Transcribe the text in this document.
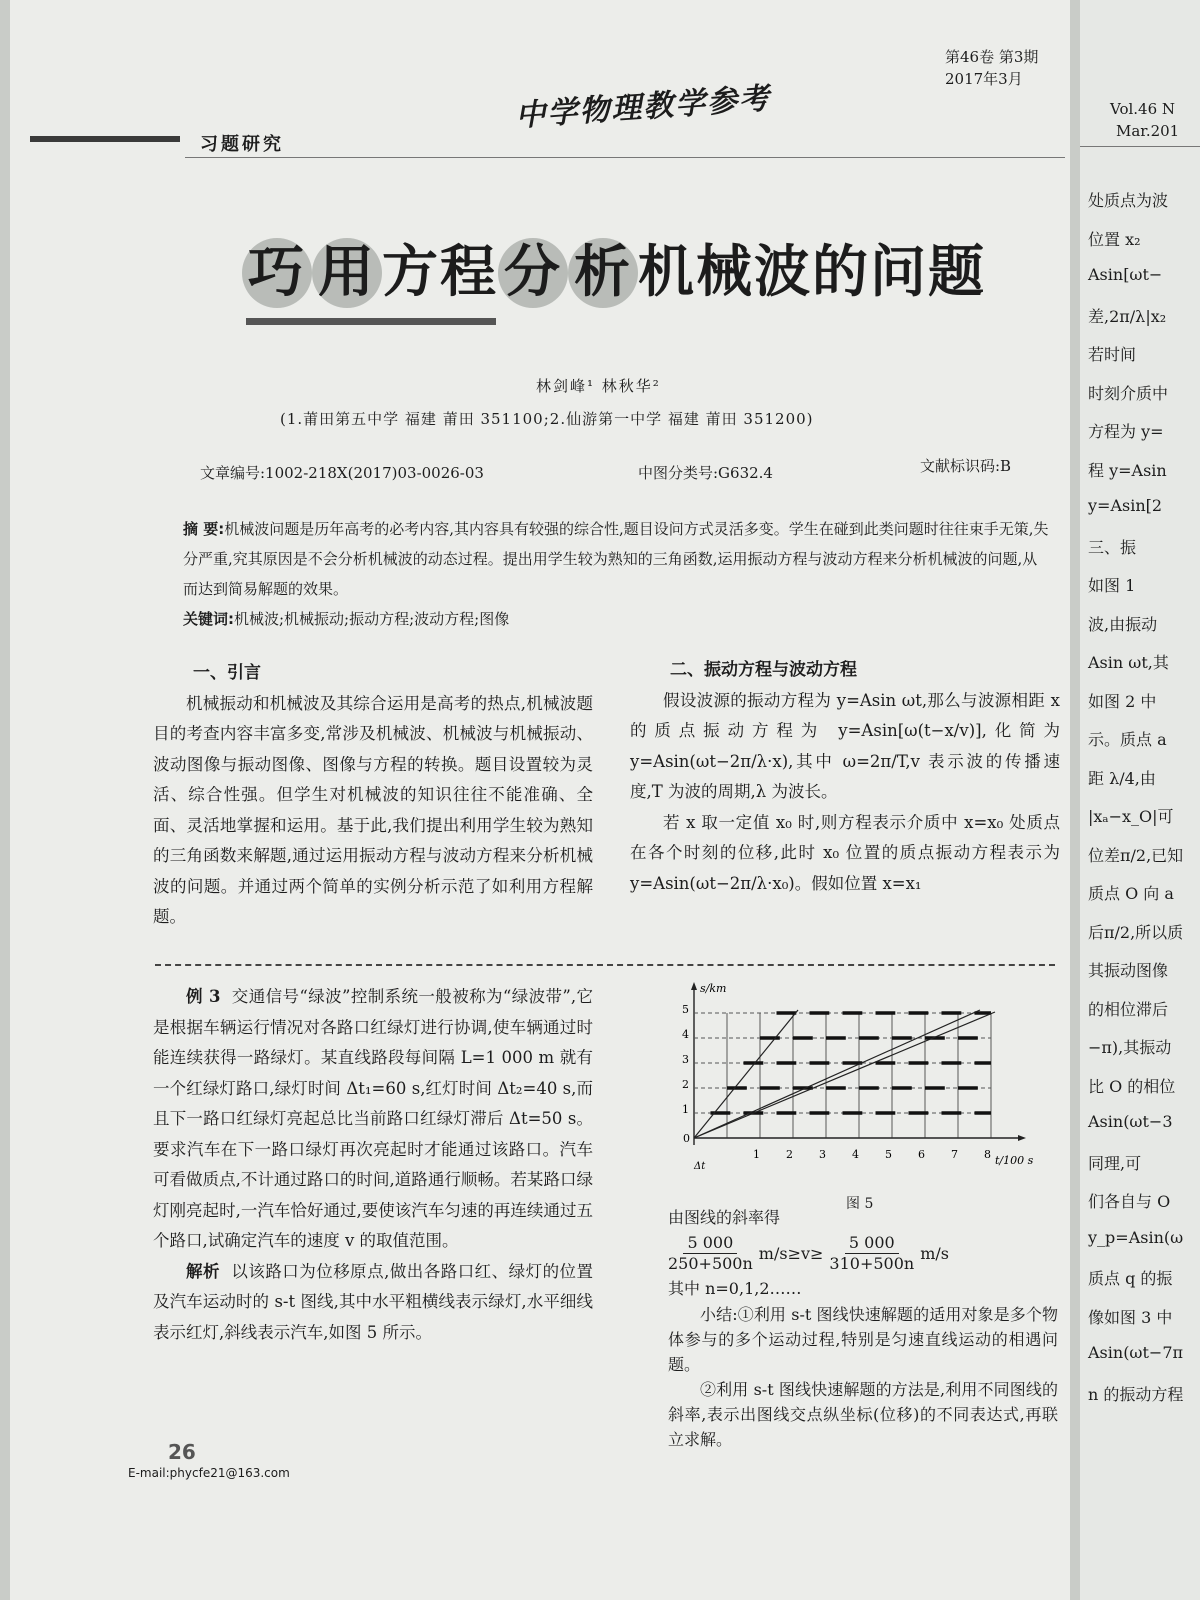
习题研究
中学物理教学参考
第46卷 第3期
2017年3月
巧 用 方程 分 析 机械波的问题
林剑峰¹ 林秋华²
(1.莆田第五中学 福建 莆田 351100;2.仙游第一中学 福建 莆田 351200)
文章编号:1002-218X(2017)03-0026-03	中图分类号:G632.4	文献标识码:B
摘 要:机械波问题是历年高考的必考内容,其内容具有较强的综合性,题目设问方式灵活多变。学生在碰到此类问题时往往束手无策,失分严重,究其原因是不会分析机械波的动态过程。提出用学生较为熟知的三角函数,运用振动方程与波动方程来分析机械波的问题,从而达到简易解题的效果。
关键词:机械波;机械振动;振动方程;波动方程;图像
一、引言
机械振动和机械波及其综合运用是高考的热点,机械波题目的考查内容丰富多变,常涉及机械波、机械波与机械振动、波动图像与振动图像、图像与方程的转换。题目设置较为灵活、综合性强。但学生对机械波的知识往往不能准确、全面、灵活地掌握和运用。基于此,我们提出利用学生较为熟知的三角函数来解题,通过运用振动方程与波动方程来分析机械波的问题。并通过两个简单的实例分析示范了如利用方程解题。
二、振动方程与波动方程
假设波源的振动方程为 y=Asin ωt,那么与波源相距 x 的质点振动方程为 y=Asin[ω(t−x/v)],化简为 y=Asin(ωt−2π/λ·x),其中 ω=2π/T,v 表示波的传播速度,T 为波的周期,λ 为波长。
若 x 取一定值 x₀ 时,则方程表示介质中 x=x₀ 处质点在各个时刻的位移,此时 x₀ 位置的质点振动方程表示为 y=Asin(ωt−2π/λ·x₀)。假如位置 x=x₁
例 3 交通信号“绿波”控制系统一般被称为“绿波带”,它是根据车辆运行情况对各路口红绿灯进行协调,使车辆通过时能连续获得一路绿灯。某直线路段每间隔 L=1 000 m 就有一个红绿灯路口,绿灯时间 Δt₁=60 s,红灯时间 Δt₂=40 s,而且下一路口红绿灯亮起总比当前路口红绿灯滞后 Δt=50 s。要求汽车在下一路口绿灯再次亮起时才能通过该路口。汽车可看做质点,不计通过路口的时间,道路通行顺畅。若某路口绿灯刚亮起时,一汽车恰好通过,要使该汽车匀速的再连续通过五个路口,试确定汽车的速度 v 的取值范围。
解析 以该路口为位移原点,做出各路口红、绿灯的位置及汽车运动时的 s-t 图线,其中水平粗横线表示绿灯,水平细线表示红灯,斜线表示汽车,如图 5 所示。
s/km
t/100 s
0
Δt
1
2
3
4
5
1 2 3 4 5 6 7 8
图 5
由图线的斜率得
$\frac{5 000}{250+500n} m/s\ge v\ge \frac{5 000}{310+500n} m/s$
其中 n=0,1,2……
小结:①利用 s-t 图线快速解题的适用对象是多个物体参与的多个运动过程,特别是匀速直线运动的相遇问题。
②利用 s-t 图线快速解题的方法是,利用不同图线的斜率,表示出图线交点纵坐标(位移)的不同表达式,再联立求解。
26
E-mail:phycfe21@163.com
Vol.46 N
Mar.201
处质点为波
位置 x₂
Asin[ωt−
差,2π/λ|x₂
若时间
时刻介质中
方程为 y=
程 y=Asin
y=Asin[2
三、振
如图 1
波,由振动
Asin ωt,其
如图 2 中
示。质点 a
距 λ/4,由
|xₐ−x_O|可
位差π/2,已知
质点 O 向 a
后π/2,所以质
其振动图像
的相位滞后
−π),其振动
比 O 的相位
Asin(ωt−3
同理,可
们各自与 O
y_p=Asin(ω
质点 q 的振
像如图 3 中
Asin(ωt−7π
n 的振动方程
